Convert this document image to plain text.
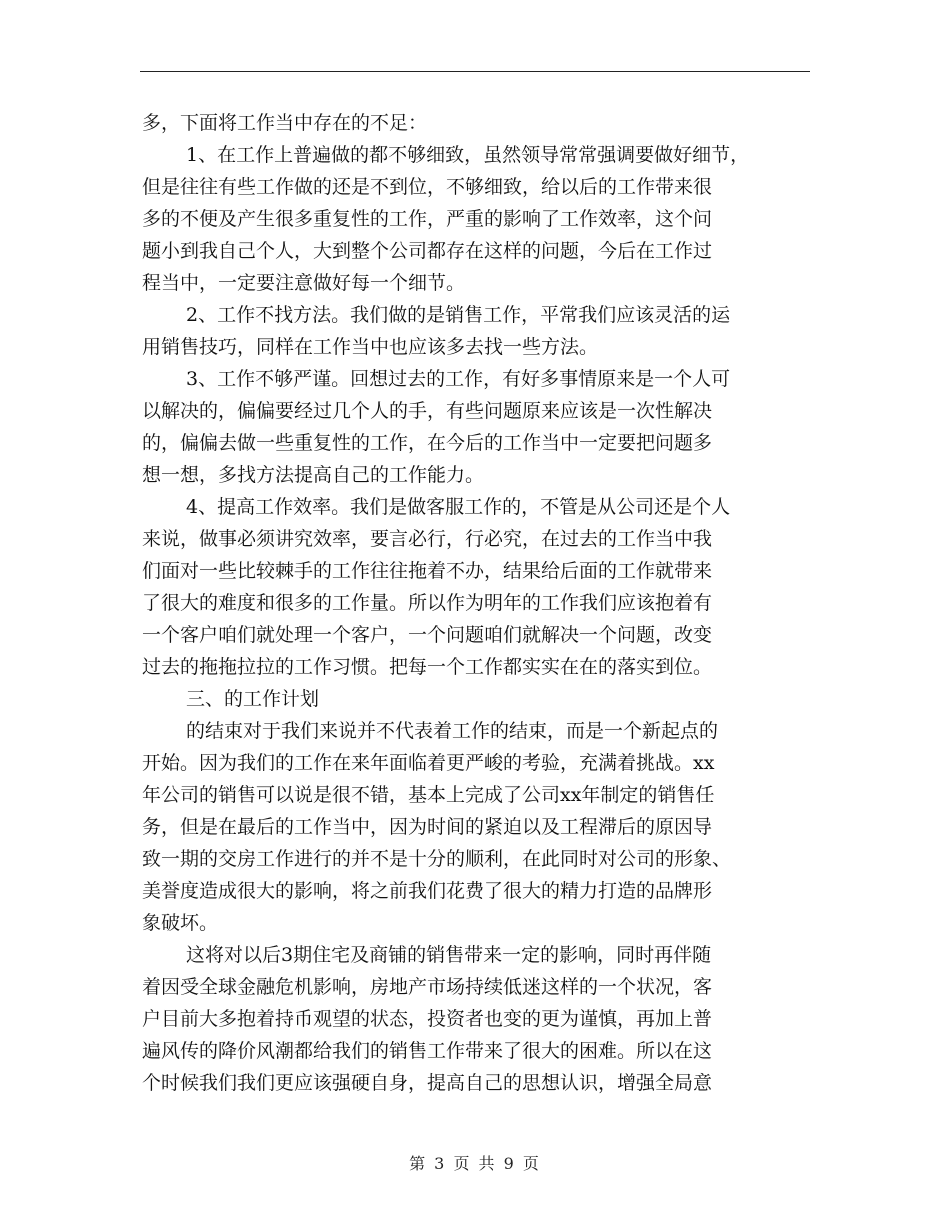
多，下面将工作当中存在的不足：
1、在工作上普遍做的都不够细致，虽然领导常常强调要做好细节，
但是往往有些工作做的还是不到位，不够细致，给以后的工作带来很
多的不便及产生很多重复性的工作，严重的影响了工作效率，这个问
题小到我自己个人，大到整个公司都存在这样的问题，今后在工作过
程当中，一定要注意做好每一个细节。
2、工作不找方法。我们做的是销售工作，平常我们应该灵活的运
用销售技巧，同样在工作当中也应该多去找一些方法。
3、工作不够严谨。回想过去的工作，有好多事情原来是一个人可
以解决的，偏偏要经过几个人的手，有些问题原来应该是一次性解决
的，偏偏去做一些重复性的工作，在今后的工作当中一定要把问题多
想一想，多找方法提高自己的工作能力。
4、提高工作效率。我们是做客服工作的，不管是从公司还是个人
来说，做事必须讲究效率，要言必行，行必究，在过去的工作当中我
们面对一些比较棘手的工作往往拖着不办，结果给后面的工作就带来
了很大的难度和很多的工作量。所以作为明年的工作我们应该抱着有
一个客户咱们就处理一个客户，一个问题咱们就解决一个问题，改变
过去的拖拖拉拉的工作习惯。把每一个工作都实实在在的落实到位。
三、的工作计划
的结束对于我们来说并不代表着工作的结束，而是一个新起点的
开始。因为我们的工作在来年面临着更严峻的考验，充满着挑战。xx
年公司的销售可以说是很不错，基本上完成了公司xx年制定的销售任
务，但是在最后的工作当中，因为时间的紧迫以及工程滞后的原因导
致一期的交房工作进行的并不是十分的顺利，在此同时对公司的形象、
美誉度造成很大的影响，将之前我们花费了很大的精力打造的品牌形
象破坏。
这将对以后3期住宅及商铺的销售带来一定的影响，同时再伴随
着因受全球金融危机影响，房地产市场持续低迷这样的一个状况，客
户目前大多抱着持币观望的状态，投资者也变的更为谨慎，再加上普
遍风传的降价风潮都给我们的销售工作带来了很大的困难。所以在这
个时候我们我们更应该强硬自身，提高自己的思想认识，增强全局意
第 3 页 共 9 页
